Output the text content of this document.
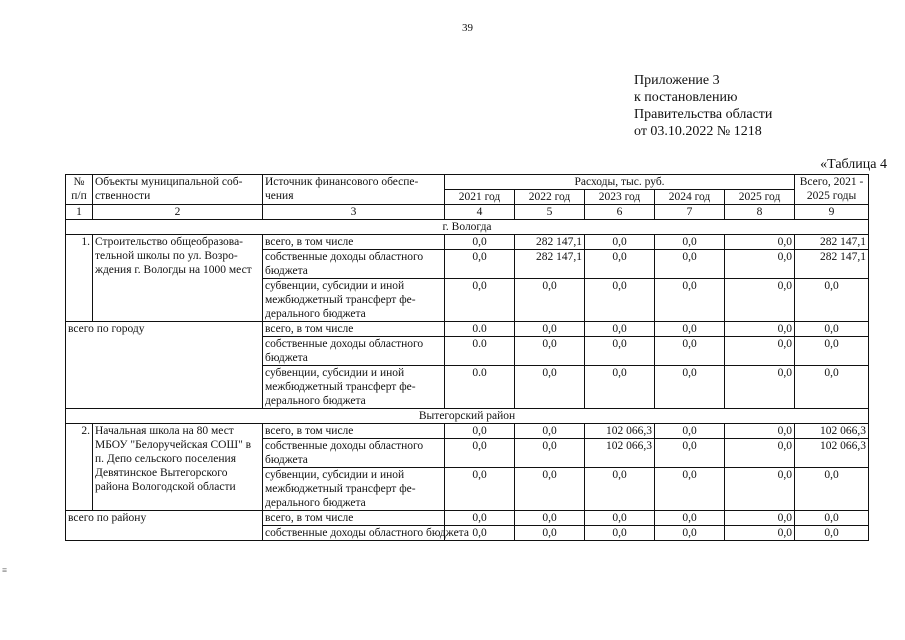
39
Приложение 3
к постановлению
Правительства области
от 03.10.2022 № 1218
«Таблица 4
№ п/п	Объекты муниципальной соб- ственности	Источник финансового обеспе- чения	Расходы, тыс. руб.					Всего, 2021 - 2025 годы
			2021 год	2022 год	2023 год	2024 год	2025 год	
1	2	3	4	5	6	7	8	9
г. Вологда								
1.	Строительство общеобразова- тельной школы по ул. Возро- ждения г. Вологды на 1000 мест	всего, в том числе	0,0	282 147,1	0,0	0,0	0,0	282 147,1
		собственные доходы областного бюджета	0,0	282 147,1	0,0	0,0	0,0	282 147,1
		субвенции, субсидии и иной межбюджетный трансферт фе- дерального бюджета	0,0	0,0	0,0	0,0	0,0	0,0
всего по городу		всего, в том числе	0.0	0,0	0,0	0,0	0,0	0,0
		собственные доходы областного бюджета	0.0	0,0	0,0	0,0	0,0	0,0
		субвенции, субсидии и иной межбюджетный трансферт фе- дерального бюджета	0.0	0,0	0,0	0,0	0,0	0,0
Вытегорский район								
2.	Начальная школа на 80 мест МБОУ "Белоручейская СОШ" в п. Депо сельского поселения Девятинское Вытегорского района Вологодской области	всего, в том числе	0,0	0,0	102 066,3	0,0	0,0	102 066,3
		собственные доходы областного бюджета	0,0	0,0	102 066,3	0,0	0,0	102 066,3
		субвенции, субсидии и иной межбюджетный трансферт фе- дерального бюджета	0,0	0,0	0,0	0,0	0,0	0,0
всего по району		всего, в том числе	0,0	0,0	0,0	0,0	0,0	0,0
		собственные доходы областного бюджета	0,0	0,0	0,0	0,0	0,0	0,0
≡
